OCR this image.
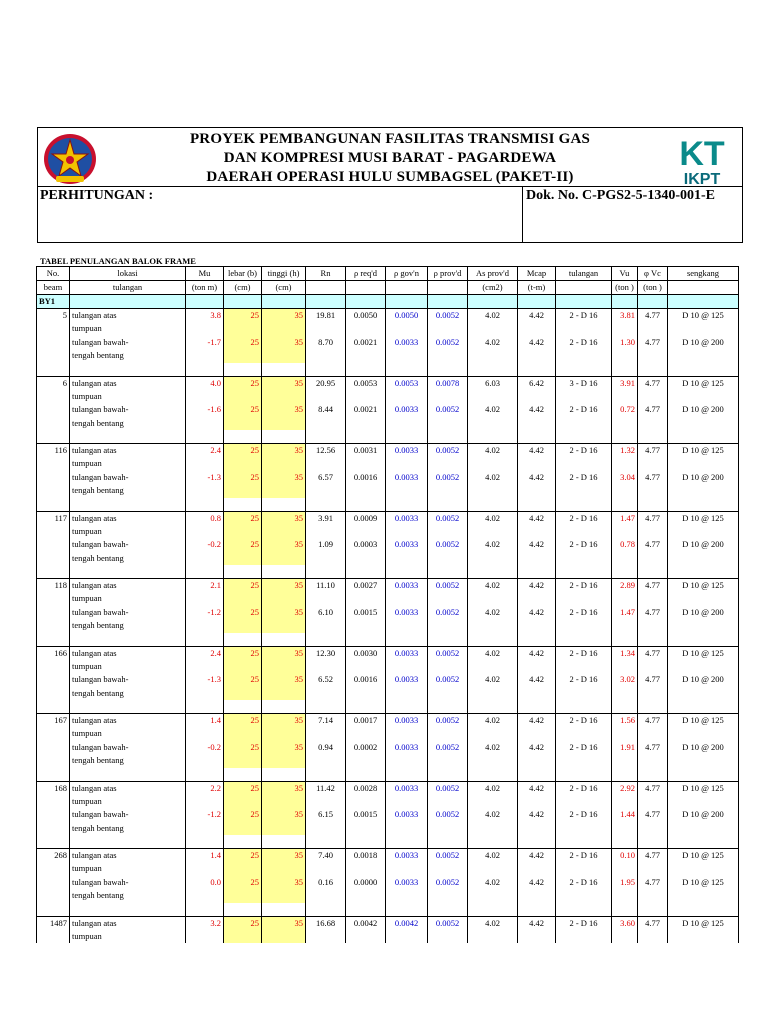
PROYEK PEMBANGUNAN FASILITAS TRANSMISI GAS
DAN KOMPRESI MUSI BARAT - PAGARDEWA
DAERAH OPERASI HULU SUMBAGSEL (PAKET-II)
KT
IKPT
PERHITUNGAN :	Dok. No. C-PGS2-5-1340-001-E
TABEL PENULANGAN BALOK FRAME
No.	lokasi	Mu	lebar (b)	tinggi (h)	Rn	ρ req'd	ρ gov'n	ρ prov'd	As prov'd	Mcap	tulangan	Vu	φ Vc	sengkang
beam	tulangan	(ton m)	(cm)	(cm)					(cm2)	(t-m)		(ton )	(ton )	
BY1														
5	tulangan atas	3.8	25	35	19.81	0.0050	0.0050	0.0052	4.02	4.42	2 - D 16	3.81	4.77	D 10 @ 125
	tumpuan													
	tulangan bawah-	-1.7	25	35	8.70	0.0021	0.0033	0.0052	4.02	4.42	2 - D 16	1.30	4.77	D 10 @ 200
	tengah bentang													

6	tulangan atas	4.0	25	35	20.95	0.0053	0.0053	0.0078	6.03	6.42	3 - D 16	3.91	4.77	D 10 @ 125
	tumpuan													
	tulangan bawah-	-1.6	25	35	8.44	0.0021	0.0033	0.0052	4.02	4.42	2 - D 16	0.72	4.77	D 10 @ 200
	tengah bentang													

116	tulangan atas	2.4	25	35	12.56	0.0031	0.0033	0.0052	4.02	4.42	2 - D 16	1.32	4.77	D 10 @ 125
	tumpuan													
	tulangan bawah-	-1.3	25	35	6.57	0.0016	0.0033	0.0052	4.02	4.42	2 - D 16	3.04	4.77	D 10 @ 200
	tengah bentang													

117	tulangan atas	0.8	25	35	3.91	0.0009	0.0033	0.0052	4.02	4.42	2 - D 16	1.47	4.77	D 10 @ 125
	tumpuan													
	tulangan bawah-	-0.2	25	35	1.09	0.0003	0.0033	0.0052	4.02	4.42	2 - D 16	0.78	4.77	D 10 @ 200
	tengah bentang													

118	tulangan atas	2.1	25	35	11.10	0.0027	0.0033	0.0052	4.02	4.42	2 - D 16	2.89	4.77	D 10 @ 125
	tumpuan													
	tulangan bawah-	-1.2	25	35	6.10	0.0015	0.0033	0.0052	4.02	4.42	2 - D 16	1.47	4.77	D 10 @ 200
	tengah bentang													

166	tulangan atas	2.4	25	35	12.30	0.0030	0.0033	0.0052	4.02	4.42	2 - D 16	1.34	4.77	D 10 @ 125
	tumpuan													
	tulangan bawah-	-1.3	25	35	6.52	0.0016	0.0033	0.0052	4.02	4.42	2 - D 16	3.02	4.77	D 10 @ 200
	tengah bentang													

167	tulangan atas	1.4	25	35	7.14	0.0017	0.0033	0.0052	4.02	4.42	2 - D 16	1.56	4.77	D 10 @ 125
	tumpuan													
	tulangan bawah-	-0.2	25	35	0.94	0.0002	0.0033	0.0052	4.02	4.42	2 - D 16	1.91	4.77	D 10 @ 200
	tengah bentang													

168	tulangan atas	2.2	25	35	11.42	0.0028	0.0033	0.0052	4.02	4.42	2 - D 16	2.92	4.77	D 10 @ 125
	tumpuan													
	tulangan bawah-	-1.2	25	35	6.15	0.0015	0.0033	0.0052	4.02	4.42	2 - D 16	1.44	4.77	D 10 @ 200
	tengah bentang													

268	tulangan atas	1.4	25	35	7.40	0.0018	0.0033	0.0052	4.02	4.42	2 - D 16	0.10	4.77	D 10 @ 125
	tumpuan													
	tulangan bawah-	0.0	25	35	0.16	0.0000	0.0033	0.0052	4.02	4.42	2 - D 16	1.95	4.77	D 10 @ 125
	tengah bentang													

1487	tulangan atas	3.2	25	35	16.68	0.0042	0.0042	0.0052	4.02	4.42	2 - D 16	3.60	4.77	D 10 @ 125
	tumpuan													
